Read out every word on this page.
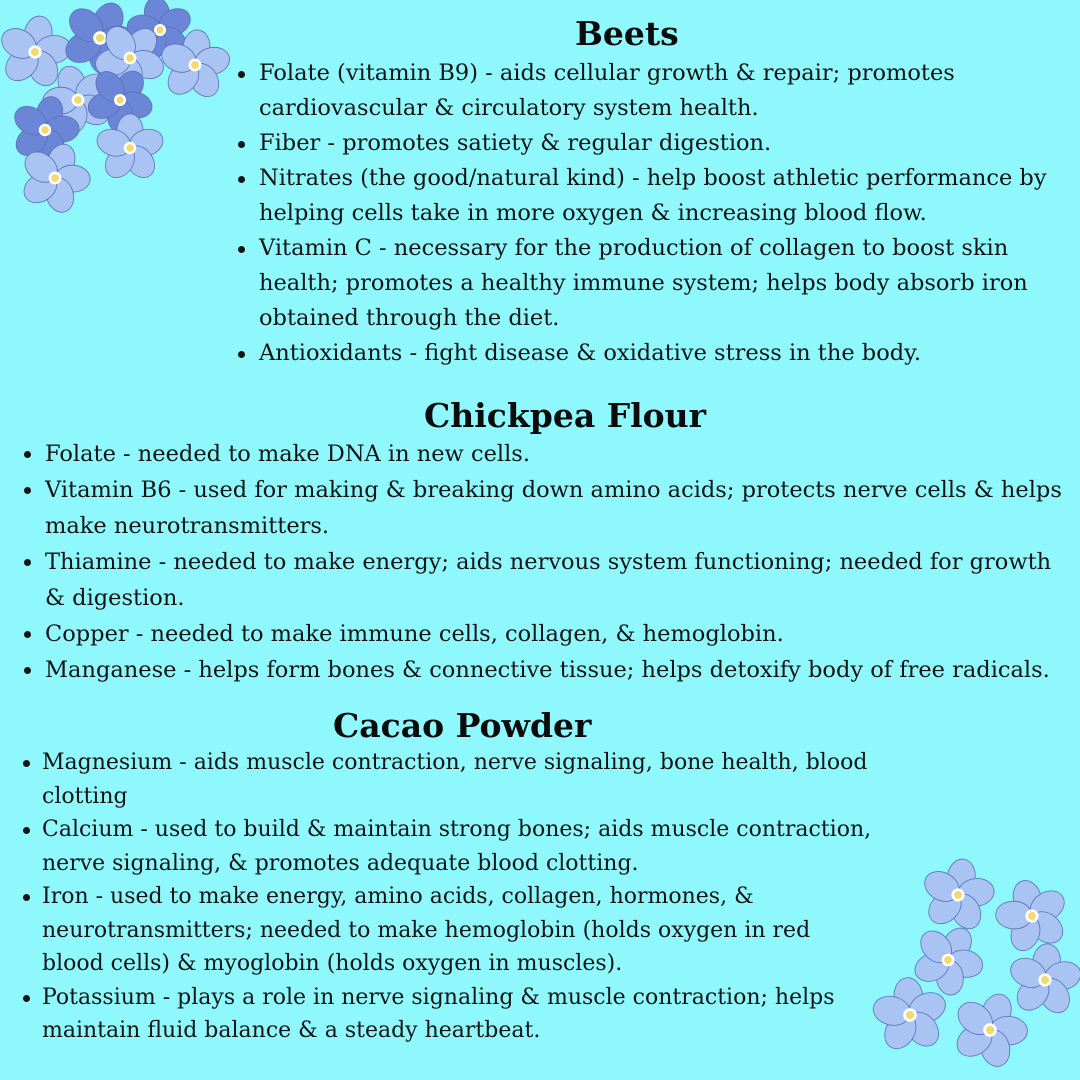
Beets
Folate (vitamin B9) - aids cellular growth & repair; promotes cardiovascular & circulatory system health.
Fiber - promotes satiety & regular digestion.
Nitrates (the good/natural kind) - help boost athletic performance by helping cells take in more oxygen & increasing blood flow.
Vitamin C - necessary for the production of collagen to boost skin health; promotes a healthy immune system; helps body absorb iron obtained through the diet.
Antioxidants - fight disease & oxidative stress in the body.
Chickpea Flour
Folate - needed to make DNA in new cells.
Vitamin B6 - used for making & breaking down amino acids; protects nerve cells & helps make neurotransmitters.
Thiamine - needed to make energy; aids nervous system functioning; needed for growth & digestion.
Copper - needed to make immune cells, collagen, & hemoglobin.
Manganese - helps form bones & connective tissue; helps detoxify body of free radicals.
Cacao Powder
Magnesium - aids muscle contraction, nerve signaling, bone health, blood clotting
Calcium - used to build & maintain strong bones; aids muscle contraction, nerve signaling, & promotes adequate blood clotting.
Iron - used to make energy, amino acids, collagen, hormones, & neurotransmitters; needed to make hemoglobin (holds oxygen in red blood cells) & myoglobin (holds oxygen in muscles).
Potassium - plays a role in nerve signaling & muscle contraction; helps maintain fluid balance & a steady heartbeat.
